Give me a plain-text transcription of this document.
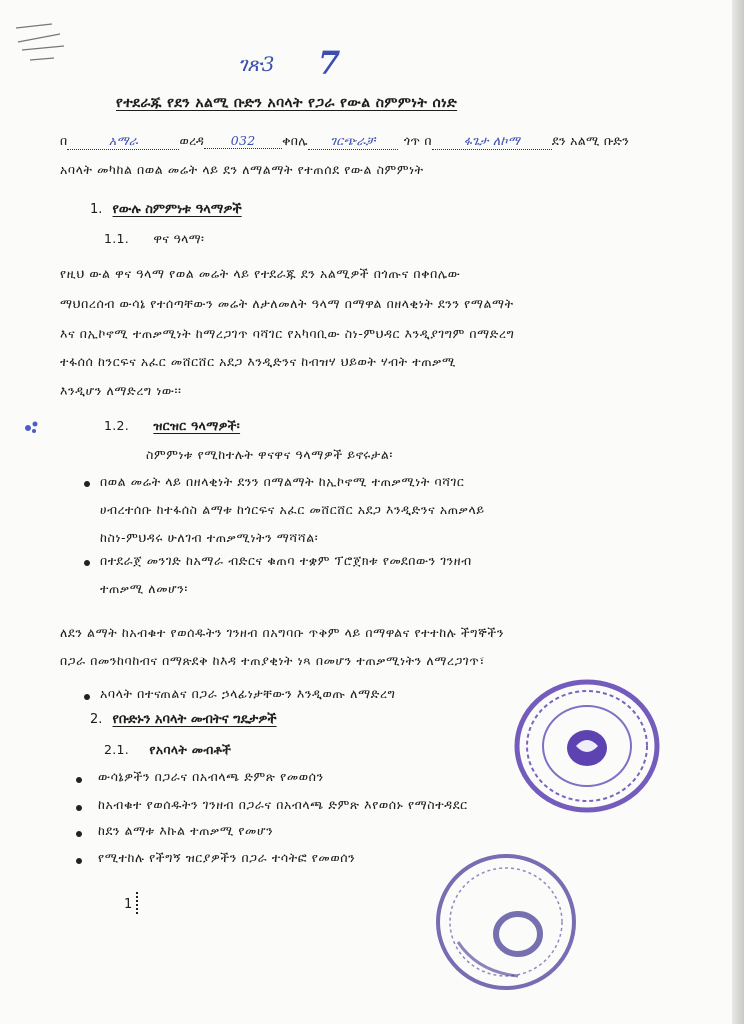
ገጽ3 7
የተደራጁ የደን አልሚ ቡድን አባላት የጋራ የውል ስምምነት ሰነድ
በ	አማራ	ወረዳ 032 ቀበሌ ገርጭራቻ ጎጥ በ	ፋጌታ ለኮማ	ደን አልሚ ቡድን
አባላት መካከል በወል መሬት ላይ ደን ለማልማት የተጠሰደ የውል ስምምነት
1. የውሉ ስምምነቱ ዓላማዎች
1.1. ዋና ዓላማ፡
የዚህ ውል ዋና ዓላማ የወል መሬት ላይ የተደራጁ ደን አልሚዎች በጎጡና በቀበሌው
ማህበረሰብ ውሳኔ የተሰጣቸውን መሬት ለታለመለት ዓላማ በማዋል በዘላቂነት ደንን የማልማት
እና በኢኮኖሚ ተጠቃሚነት ከማረጋገጥ ባሻገር የአካባቢው ስነ-ምህዳር እንዲያገግም በማድረግ
ተፋሰሰ ከንርፍና አፈር መሸርሸር አደጋ እንዲድንና ከብዝሃ ህይወት ሃብት ተጠቃሚ
እንዲሆን ለማድረግ ነው፡፡
1.2. ዝርዝር ዓላማዎች፡
ስምምነቱ የሚከተሉት ዋናዋና ዓላማዎች ይኖሩታል፡
በወል መሬት ላይ በዘላቂነት ደንን በማልማት ከኢኮኖሚ ተጠቃሚነት ባሻገር
ሀብረተሰቡ ከተፋሰስ ልማቱ ከጎርፍና አፈር መሸርሸር አደጋ እንዲድንና አጠቃላይ
ከስነ-ምህዳሩ ሁለገብ ተጠቃሚነትን ማሻሻል፡
በተደራጀ መንገድ ከአማራ ብድርና ቁጠባ ተቋም ፕሮጀክቱ የመደበውን ገንዘብ
ተጠቃሚ ለመሆን፡
ለደን ልማት ከአብቁተ የወሰዱትን ገንዘብ በአግባቡ ጥቅም ላይ በማዋልና የተተከሉ ችግኞችን
በጋራ በመንከባከብና በማጽደቅ ከእዳ ተጠያቂነት ነጻ በመሆን ተጠቃሚነትን ለማረጋገጥ፣
አባላት በተናጠልና በጋራ ኃላፊነታቸውን እንዲወጡ ለማድረግ
2. የቡድኑን አባላት መብትና ግዴታዎች
2.1. የአባላት መብቶች
ውሳኔዎችን በጋራና በአብላጫ ድምጽ የመወሰን
ከአብቁተ የወሰዱትን ገንዘብ በጋራና በአብላጫ ድምጽ እየወሰኑ የማስተዳደር
ከደን ልማቱ እኩል ተጠቃሚ የመሆን
የሚተከሉ የችግኝ ዝርያዎችን በጋራ ተሳትፎ የመወሰን
1
